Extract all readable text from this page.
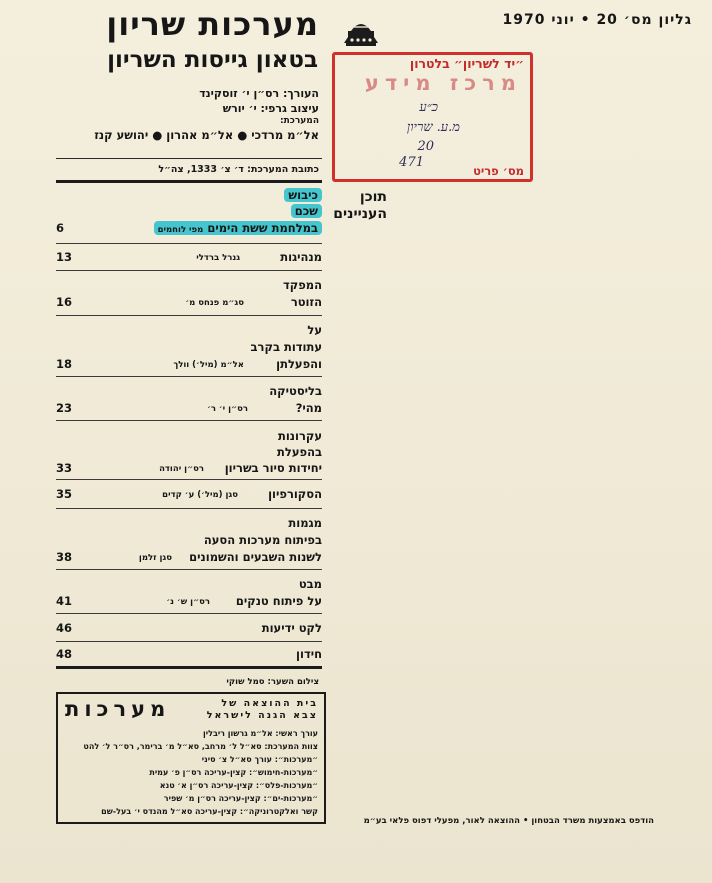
מערכות שריון
בטאון גייסות השריון
העורך: רס״ן י׳ זוסקינד
עיצוב גרפי: י׳ יורש
המערכת:
אל״מ מרדכי ● אל״מ אהרון ● יהושע קנז
כתובת המערכת: ד׳ צ׳ 1333, צה״ל
גליון מס׳ 20 • יוני 1970
״יד לשריון״ בלטרון
מרכז מידע
כ״ע
מ.ע. שריון
20
471
מס׳ פריט
תוכן
העניינים
כיבוש
שכם
במלחמת ששת הימים מפי לוחמים
6
מנהיגות
גנרל ברדלי
13
המפקד
הזוטר
סג״מ פנחס מ׳
16
על
עתודות בקרב
והפעלתן
אל״מ (מיל׳) וולך
18
בליסטיקה
מהי?
רס״ן י׳ ר׳
23
עקרונות
בהפעלת
יחידות סיור בשריון
רס״ן יהודה
33
הסקורפיון
סגן (מיל׳) ע׳ קדים
35
מגמות
בפיתוח מערכות הסעה
לשנות השבעים והשמונים
סגן זלמן
38
מבט
על פיתוח טנקים
רס״ן ש׳ נ׳
41
לקט ידיעות
46
חידון
48
צילום השער: סמל שוקי
מערכות	בית ההוצאה של
צבא הגנה לישראל
עורך ראשי: אל״מ גרשון ריבלין
צוות המערכת: סא״ל ל׳ מרחב, סא״ל מ׳ ברימר, רס״ר ל׳ להט
״מערכות״: עורך סא״ל צ׳ סיני
״מערכות-חימוש״: קצין-עריכה רס״ן פ׳ עמית
״מערכות-פלס״: קצין-עריכה רס״ן א׳ טנא
״מערכות-ים״: קצין-עריכה רס״ן מ׳ שפיר
קשר ואלקטרוניקה״: קצין-עריכה סא״ל מהנדס י׳ בעל-שם
הודפס באמצעות משרד הבטחון • ההוצאה לאור, מפעלי דפוס פלאי בע״מ
